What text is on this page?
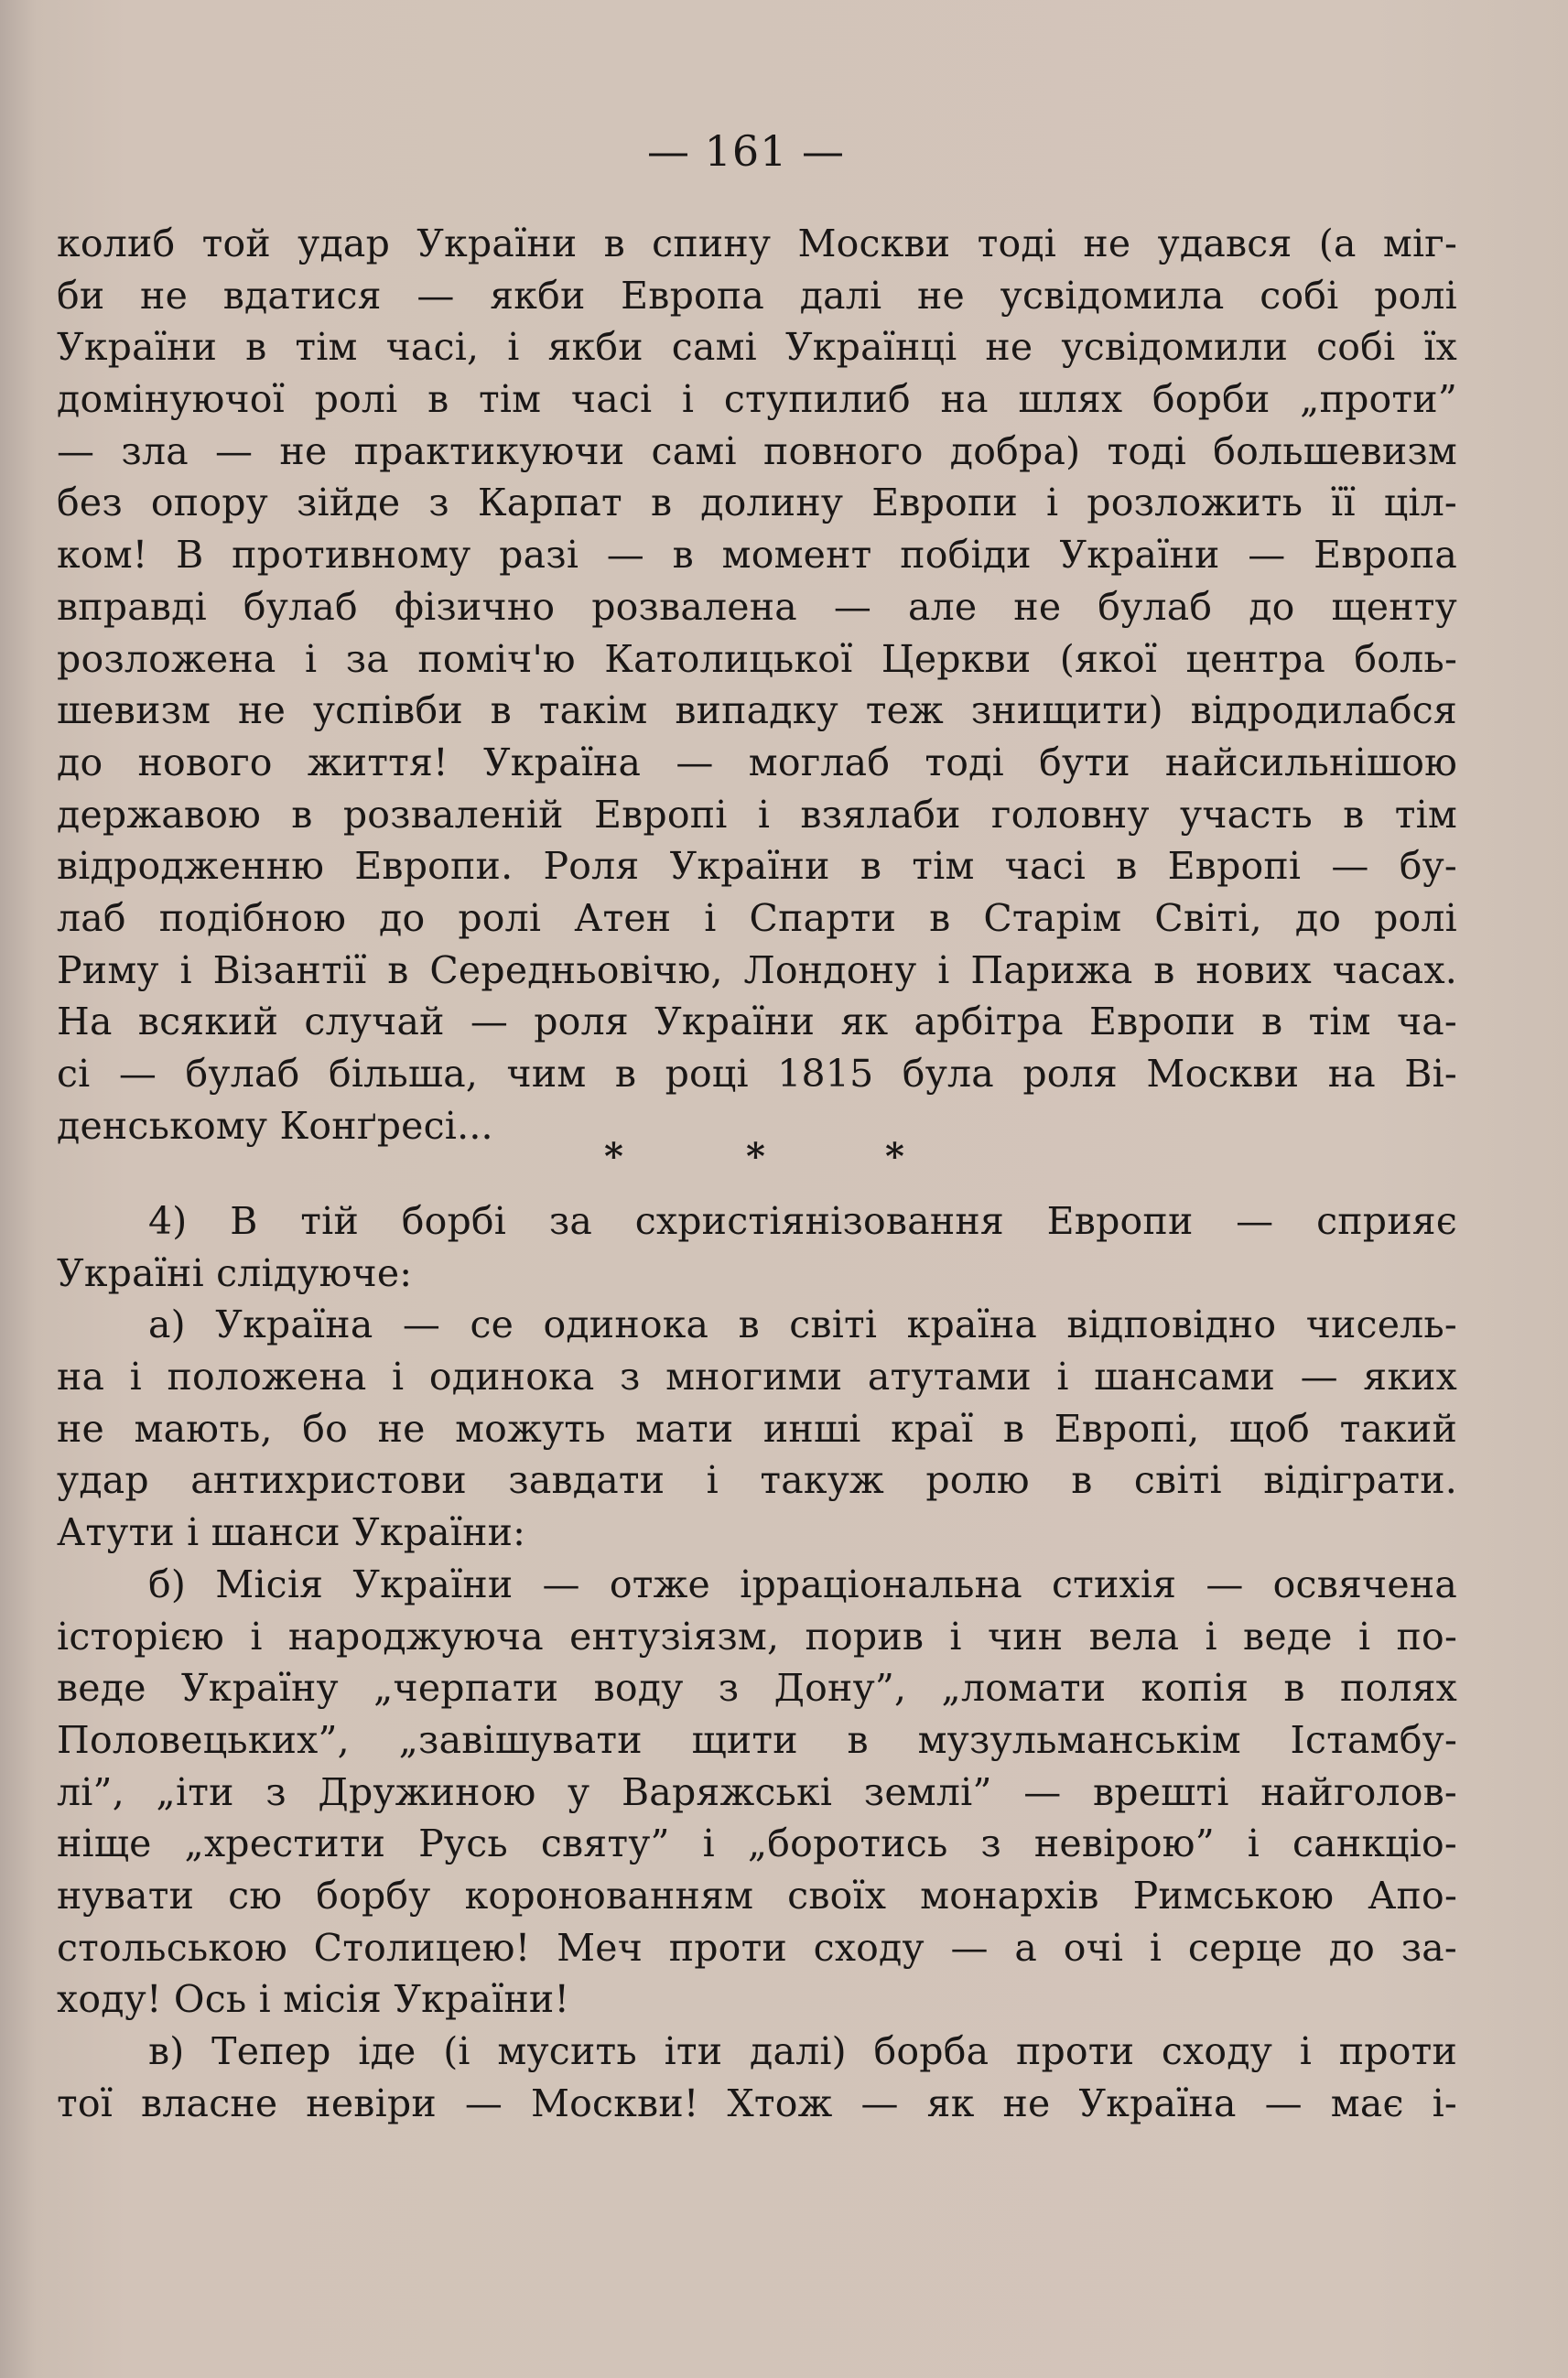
— 161 —
колиб той удар України в спину Москви тоді не удався (а міг-
би не вдатися — якби Европа далі не усвідомила собі ролі
України в тім часі, і якби самі Українці не усвідомили собі їх
домінуючої ролі в тім часі і ступилиб на шлях борби „проти”
— зла — не практикуючи самі повного добра) тоді большевизм
без опору зійде з Карпат в долину Европи і розложить її ціл-
ком! В противному разі — в момент побіди України — Европа
вправді булаб фізично розвалена — але не булаб до щенту
розложена і за поміч'ю Католицької Церкви (якої центра боль-
шевизм не успівби в такім випадку теж знищити) відродилабся
до нового життя! Україна — моглаб тоді бути найсильнішою
державою в розваленій Европі і взялаби головну участь в тім
відродженню Европи. Роля України в тім часі в Европі — бу-
лаб подібною до ролі Атен і Спарти в Старім Світі, до ролі
Риму і Візантії в Середньовічю, Лондону і Парижа в нових часах.
На всякий случай — роля України як арбітра Европи в тім ча-
сі — булаб більша, чим в році 1815 була роля Москви на Ві-
денському Конґресі...
*	*	*
4) В тій борбі за схристіянізовання Европи — сприяє
Україні слідуюче:
а) Україна — се одинока в світі країна відповідно чисель-
на і положена і одинока з многими атутами і шансами — яких
не мають, бо не можуть мати инші краї в Европі, щоб такий
удар антихристови завдати і такуж ролю в світі відіграти.
Атути і шанси України:
б) Місія України — отже ірраціональна стихія — освячена
історією і народжуюча ентузіязм, порив і чин вела і веде і по-
веде Україну „черпати воду з Дону”, „ломати копія в полях
Половецьких”, „завішувати щити в музульманськім Істамбу-
лі”, „іти з Дружиною у Варяжські землі” — врешті найголов-
ніще „хрестити Русь святу” і „боротись з невірою” і санкціо-
нувати сю борбу коронованням своїх монархів Римською Апо-
стольською Столицею! Меч проти сходу — а очі і серце до за-
ходу! Ось і місія України!
в) Тепер іде (і мусить іти далі) борба проти сходу і проти
тої власне невіри — Москви! Хтож — як не Україна — має і-
